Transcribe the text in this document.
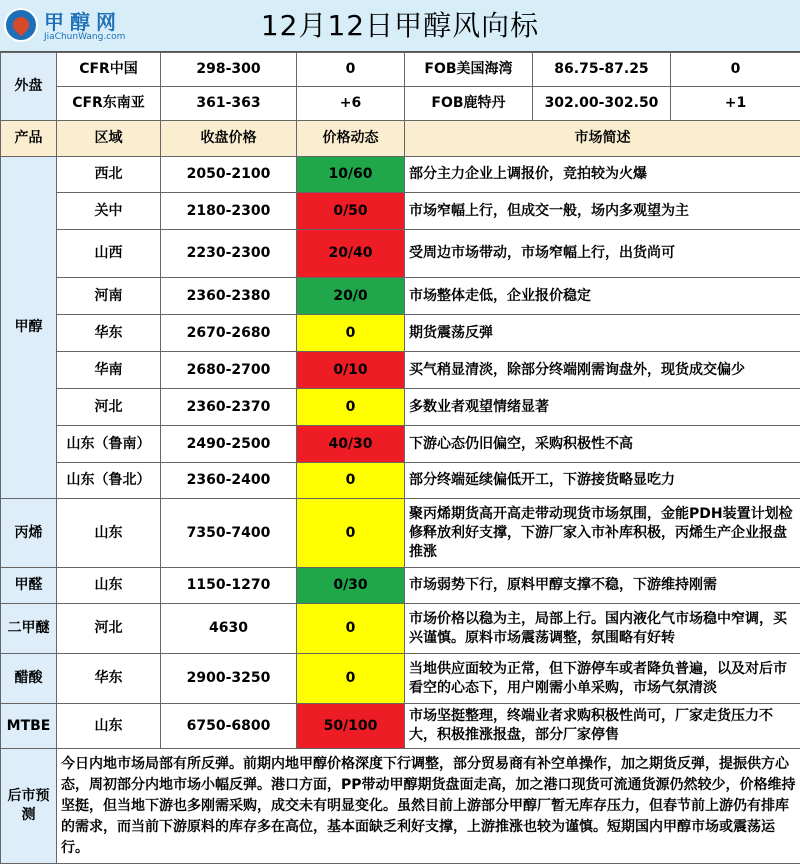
甲醇网
JiaChunWang.com	12月12日甲醇风向标
外盘	CFR中国	298-300	0	FOB美国海湾	86.75-87.25	0
	CFR东南亚	361-363	+6	FOB鹿特丹	302.00-302.50	+1
产品	区域	收盘价格	价格动态	市场简述		
甲醇	西北	2050-2100	10/60	部分主力企业上调报价，竞拍较为火爆		
	关中	2180-2300	0/50	市场窄幅上行，但成交一般，场内多观望为主		
	山西	2230-2300	20/40	受周边市场带动，市场窄幅上行，出货尚可		
	河南	2360-2380	20/0	市场整体走低，企业报价稳定		
	华东	2670-2680	0	期货震荡反弹		
	华南	2680-2700	0/10	买气稍显清淡，除部分终端刚需询盘外，现货成交偏少		
	河北	2360-2370	0	多数业者观望情绪显著		
	山东（鲁南）	2490-2500	40/30	下游心态仍旧偏空，采购积极性不高		
	山东（鲁北）	2360-2400	0	部分终端延续偏低开工，下游接货略显吃力		
丙烯	山东	7350-7400	0	聚丙烯期货高开高走带动现货市场氛围，金能PDH装置计划检修释放利好支撑，下游厂家入市补库积极，丙烯生产企业报盘推涨		
甲醛	山东	1150-1270	0/30	市场弱势下行，原料甲醇支撑不稳，下游维持刚需		
二甲醚	河北	4630	0	市场价格以稳为主，局部上行。国内液化气市场稳中窄调，买兴谨慎。原料市场震荡调整，氛围略有好转		
醋酸	华东	2900-3250	0	当地供应面较为正常，但下游停车或者降负普遍，以及对后市看空的心态下，用户刚需小单采购，市场气氛清淡		
MTBE	山东	6750-6800	50/100	市场坚挺整理，终端业者求购积极性尚可，厂家走货压力不大，积极推涨报盘，部分厂家停售		
后市预测	今日内地市场局部有所反弹。前期内地甲醇价格深度下行调整，部分贸易商有补空单操作，加之期货反弹，提振供方心态，周初部分内地市场小幅反弹。港口方面，PP带动甲醇期货盘面走高，加之港口现货可流通货源仍然较少，价格维持坚挺，但当地下游也多刚需采购，成交未有明显变化。虽然目前上游部分甲醇厂暂无库存压力，但春节前上游仍有排库的需求，而当前下游原料的库存多在高位，基本面缺乏利好支撑，上游推涨也较为谨慎。短期国内甲醇市场或震荡运行。					
